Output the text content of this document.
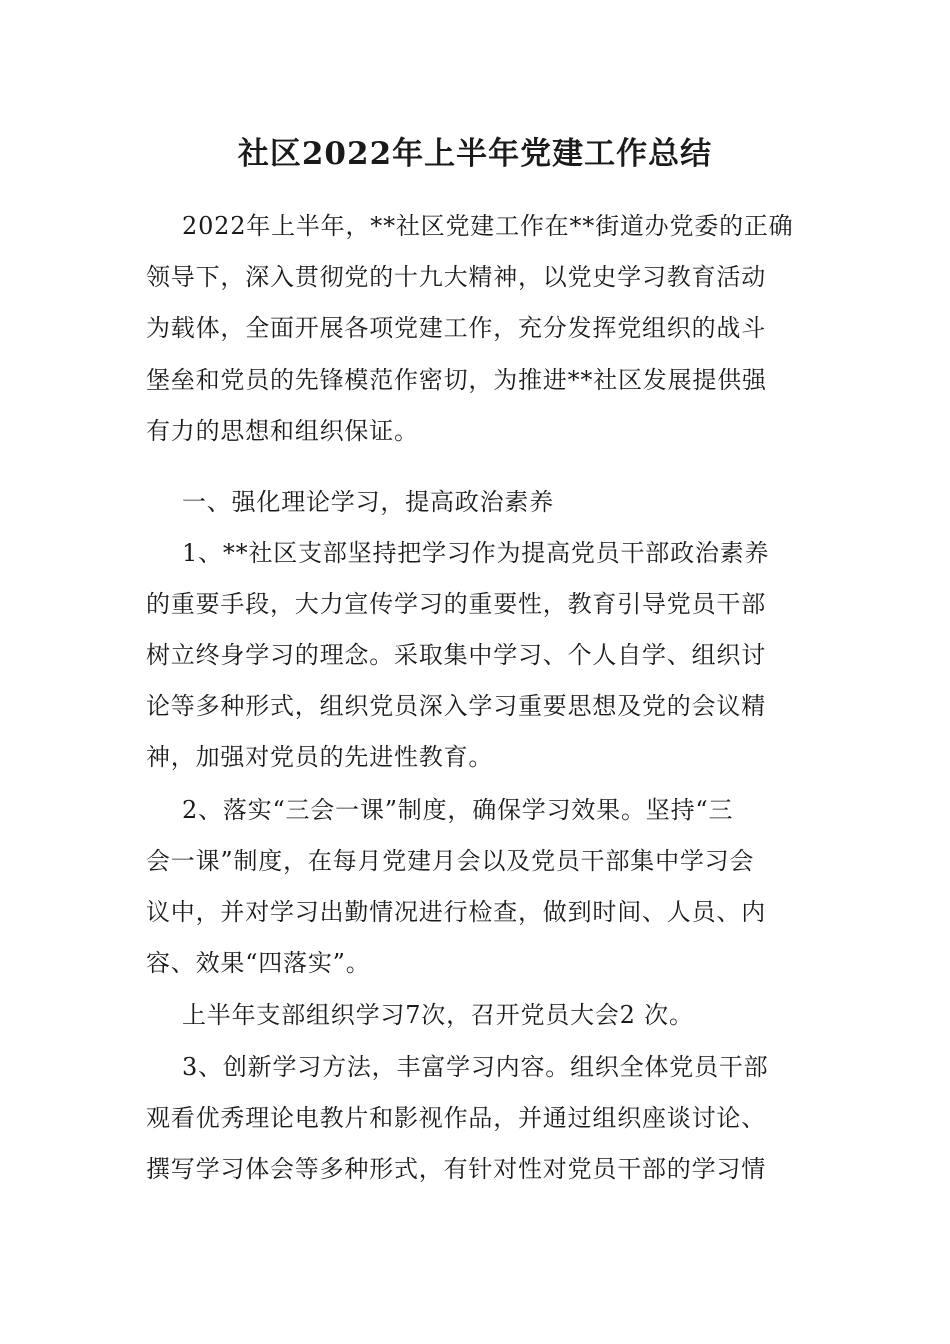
社区2022年上半年党建工作总结
2022年上半年，**社区党建工作在**街道办党委的正确
领导下，深入贯彻党的十九大精神，以党史学习教育活动
为载体，全面开展各项党建工作，充分发挥党组织的战斗
堡垒和党员的先锋模范作密切，为推进**社区发展提供强
有力的思想和组织保证。
一、强化理论学习，提高政治素养
1、**社区支部坚持把学习作为提高党员干部政治素养
的重要手段，大力宣传学习的重要性，教育引导党员干部
树立终身学习的理念。采取集中学习、个人自学、组织讨
论等多种形式，组织党员深入学习重要思想及党的会议精
神，加强对党员的先进性教育。
2、落实“三会一课”制度，确保学习效果。坚持“三
会一课”制度，在每月党建月会以及党员干部集中学习会
议中，并对学习出勤情况进行检查，做到时间、人员、内
容、效果“四落实”。
上半年支部组织学习7次，召开党员大会2 次。
3、创新学习方法，丰富学习内容。组织全体党员干部
观看优秀理论电教片和影视作品，并通过组织座谈讨论、
撰写学习体会等多种形式，有针对性对党员干部的学习情
